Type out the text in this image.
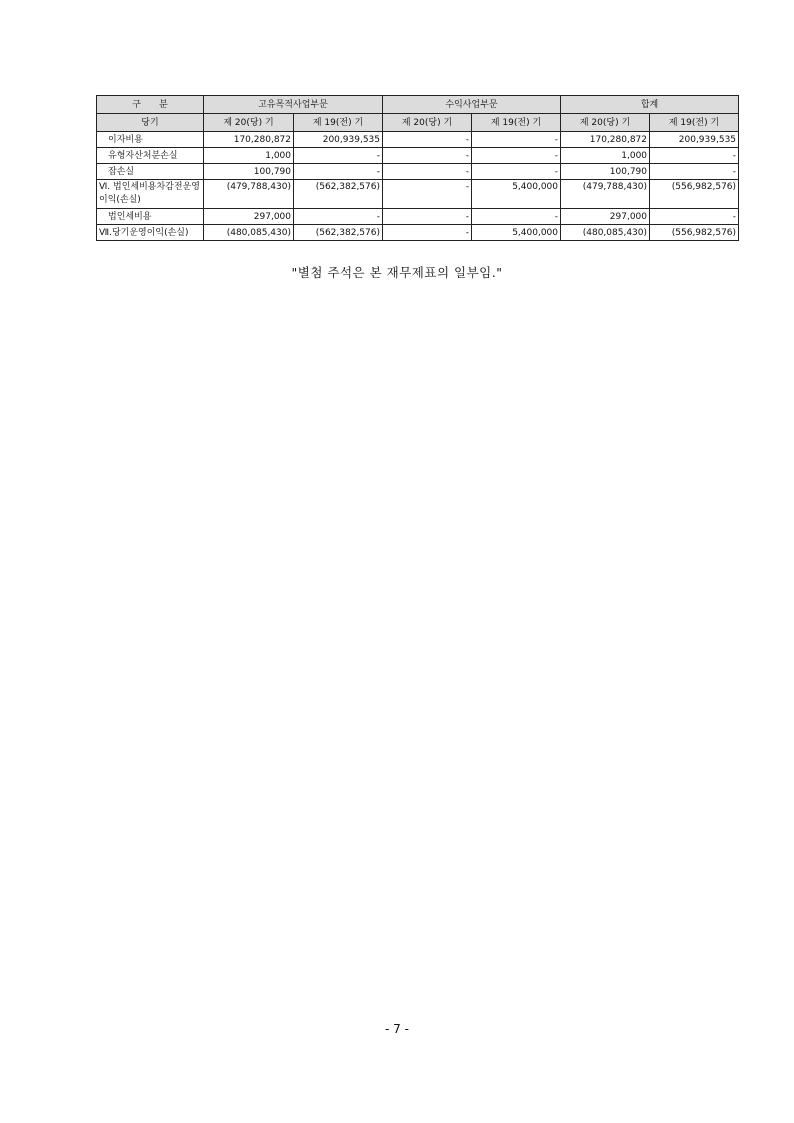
구　　분	고유목적사업부문		수익사업부문		합계	
당기	제 20(당) 기	제 19(전) 기	제 20(당) 기	제 19(전) 기	제 20(당) 기	제 19(전) 기
이자비용	170,280,872	200,939,535	-	-	170,280,872	200,939,535
유형자산처분손실	1,000	-	-	-	1,000	-
잡손실	100,790	-	-	-	100,790	-
Ⅵ. 법인세비용차감전운영이익(손실)	(479,788,430)	(562,382,576)	-	5,400,000	(479,788,430)	(556,982,576)
법인세비용	297,000	-	-	-	297,000	-
Ⅶ.당기운영이익(손실)	(480,085,430)	(562,382,576)	-	5,400,000	(480,085,430)	(556,982,576)
"별첨 주석은 본 재무제표의 일부임."
- 7 -
